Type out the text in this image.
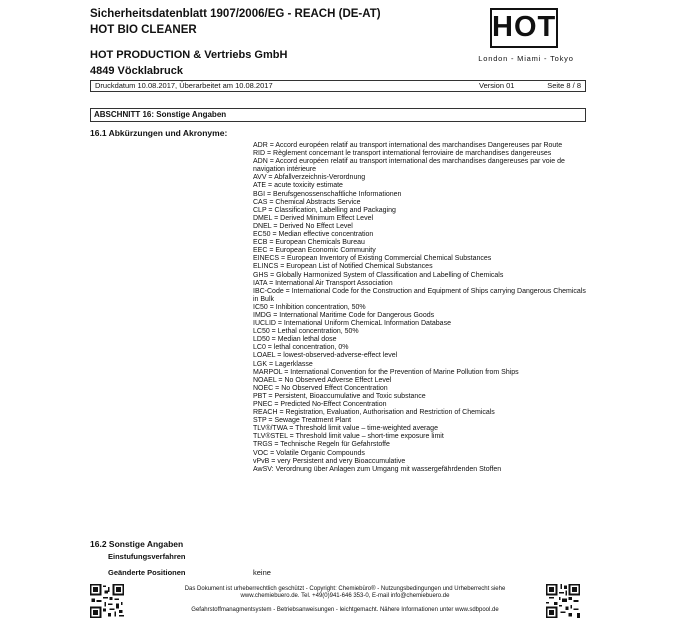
Sicherheitsdatenblatt 1907/2006/EG - REACH (DE-AT)
HOT BIO CLEANER
HOT PRODUCTION & Vertriebs GmbH
4849 Vöcklabruck
HOT
London - Miami - Tokyo
Druckdatum 10.08.2017, Überarbeitet am 10.08.2017	Version 01	Seite 8 / 8
ABSCHNITT 16: Sonstige Angaben
16.1 Abkürzungen und Akronyme:
ADR = Accord européen relatif au transport international des marchandises Dangereuses par Route
RID = Règlement concernant le transport international ferroviaire de marchandises dangereuses
ADN = Accord européen relatif au transport international des marchandises dangereuses par voie de navigation intérieure
AVV = Abfallverzeichnis-Verordnung
ATE = acute toxicity estimate
BGI = Berufsgenossenschaftliche Informationen
CAS = Chemical Abstracts Service
CLP = Classification, Labelling and Packaging
DMEL = Derived Minimum Effect Level
DNEL = Derived No Effect Level
EC50 = Median effective concentration
ECB = European Chemicals Bureau
EEC = European Economic Community
EINECS = European Inventory of Existing Commercial Chemical Substances
ELINCS = European List of Notified Chemical Substances
GHS = Globally Harmonized System of Classification and Labelling of Chemicals
IATA = International Air Transport Association
IBC-Code = International Code for the Construction and Equipment of Ships carrying Dangerous Chemicals in Bulk
IC50 = Inhibition concentration, 50%
IMDG = International Maritime Code for Dangerous Goods
IUCLID = International Uniform ChemicaL Information Database
LC50 = Lethal concentration, 50%
LD50 = Median lethal dose
LC0 = lethal concentration, 0%
LOAEL = lowest-observed-adverse-effect level
LGK = Lagerklasse
MARPOL = International Convention for the Prevention of Marine Pollution from Ships
NOAEL = No Observed Adverse Effect Level
NOEC = No Observed Effect Concentration
PBT = Persistent, Bioaccumulative and Toxic substance
PNEC = Predicted No-Effect Concentration
REACH = Registration, Evaluation, Authorisation and Restriction of Chemicals
STP = Sewage Treatment Plant
TLV®/TWA = Threshold limit value – time-weighted average
TLV®STEL = Threshold limit value – short-time exposure limit
TRGS = Technische Regeln für Gefahrstoffe
VOC = Volatile Organic Compounds
vPvB = very Persistent and very Bioaccumulative
AwSV: Verordnung über Anlagen zum Umgang mit wassergefährdenden Stoffen
16.2 Sonstige Angaben
Einstufungsverfahren
Geänderte Positionen	keine
Das Dokument ist urheberrechtlich geschützt - Copyright: Chemiebüro® - Nutzungsbedingungen und Urheberrecht siehe
www.chemiebuero.de. Tel. +49(0)941-646 353-0, E-mail info@chemiebuero.de
Gefahrstoffmanagmentsystem - Betriebsanweisungen - leichtgemacht. Nähere Informationen unter www.sdbpool.de
